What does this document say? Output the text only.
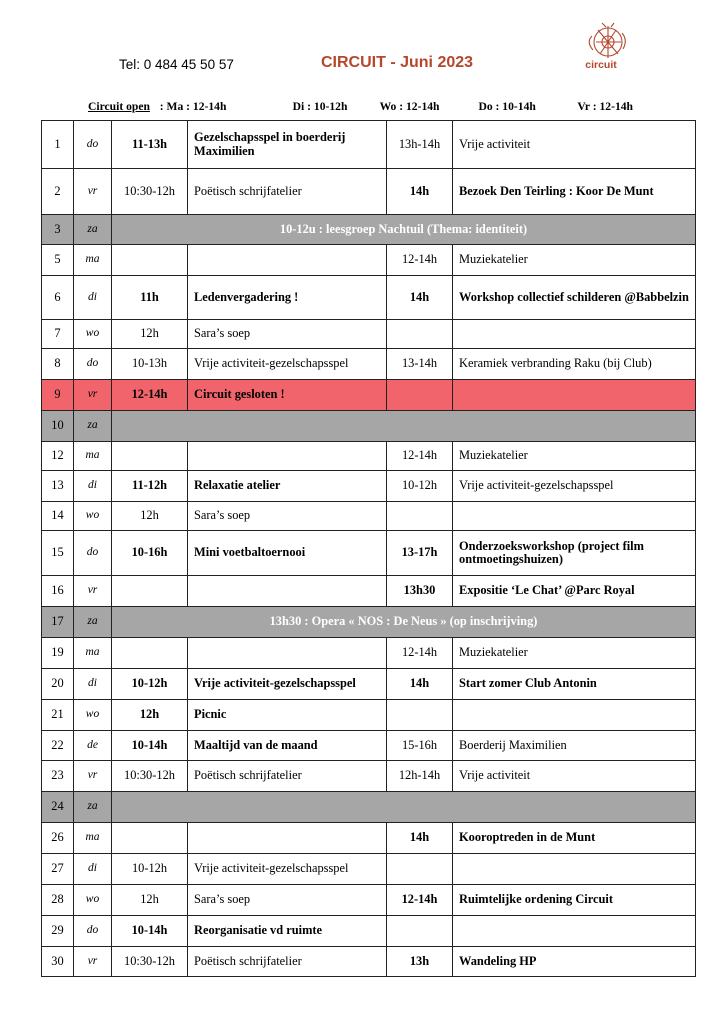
Tel: 0 484 45 50 57	CIRCUIT - Juni 2023	circuit
Circuit open : Ma : 12-14h	Di : 10-12h	Wo : 12-14h	Do : 10-14h	Vr : 12-14h
1	do	11-13h	Gezelschapsspel in boerderij Maximilien	13h-14h	Vrije activiteit
2	vr	10:30-12h	Poëtisch schrijfatelier	14h	Bezoek Den Teirling : Koor De Munt
3	za	10-12u : leesgroep Nachtuil (Thema: identiteit)			
5	ma			12-14h	Muziekatelier
6	di	11h	Ledenvergadering !	14h	Workshop collectief schilderen @Babbelzin
7	wo	12h	Sara’s soep		
8	do	10-13h	Vrije activiteit-gezelschapsspel	13-14h	Keramiek verbranding Raku (bij Club)
9	vr	12-14h	Circuit gesloten !		
10	za				
12	ma			12-14h	Muziekatelier
13	di	11-12h	Relaxatie atelier	10-12h	Vrije activiteit-gezelschapsspel
14	wo	12h	Sara’s soep		
15	do	10-16h	Mini voetbaltoernooi	13-17h	Onderzoeksworkshop (project film ontmoetingshuizen)
16	vr			13h30	Expositie ‘Le Chat’ @Parc Royal
17	za	13h30 : Opera « NOS : De Neus » (op inschrijving)			
19	ma			12-14h	Muziekatelier
20	di	10-12h	Vrije activiteit-gezelschapsspel	14h	Start zomer Club Antonin
21	wo	12h	Picnic		
22	de	10-14h	Maaltijd van de maand	15-16h	Boerderij Maximilien
23	vr	10:30-12h	Poëtisch schrijfatelier	12h-14h	Vrije activiteit
24	za				
26	ma			14h	Kooroptreden in de Munt
27	di	10-12h	Vrije activiteit-gezelschapsspel		
28	wo	12h	Sara’s soep	12-14h	Ruimtelijke ordening Circuit
29	do	10-14h	Reorganisatie vd ruimte		
30	vr	10:30-12h	Poëtisch schrijfatelier	13h	Wandeling HP
